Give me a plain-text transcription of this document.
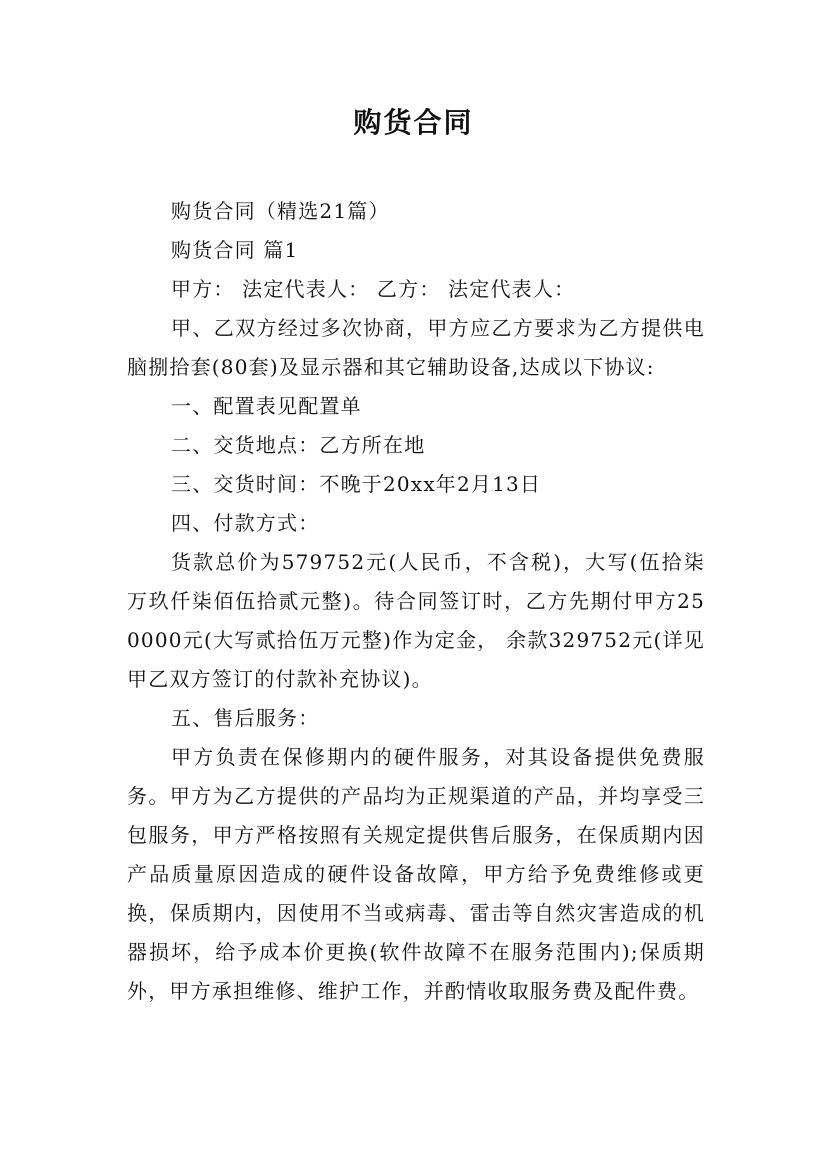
购货合同

购货合同（精选21篇）

购货合同 篇1

甲方： 法定代表人： 乙方： 法定代表人：

甲、乙双方经过多次协商，甲方应乙方要求为乙方提供电脑捌拾套(80套)及显示器和其它辅助设备,达成以下协议:

一、配置表见配置单

二、交货地点：乙方所在地

三、交货时间：不晚于20xx年2月13日

四、付款方式：

货款总价为579752元(人民币，不含税)，大写(伍拾柒万玖仟柒佰伍拾贰元整)。待合同签订时，乙方先期付甲方250000元(大写贰拾伍万元整)作为定金， 余款329752元(详见甲乙双方签订的付款补充协议)。

五、售后服务：

甲方负责在保修期内的硬件服务，对其设备提供免费服务。甲方为乙方提供的产品均为正规渠道的产品，并均享受三包服务，甲方严格按照有关规定提供售后服务，在保质期内因产品质量原因造成的硬件设备故障，甲方给予免费维修或更换，保质期内，因使用不当或病毒、雷击等自然灾害造成的机器损坏，给予成本价更换(软件故障不在服务范围内);保质期外，甲方承担维修、维护工作，并酌情收取服务费及配件费。
